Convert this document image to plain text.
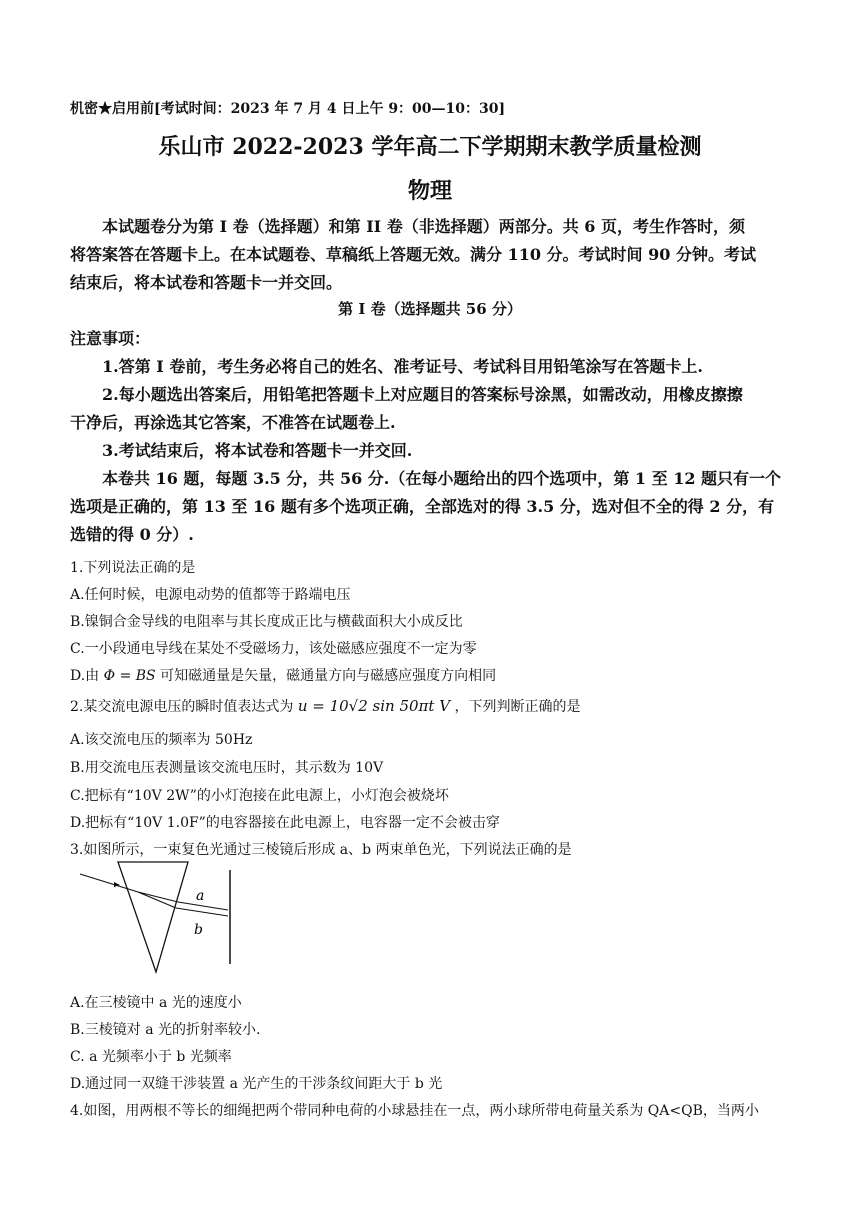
机密★启用前[考试时间：2023 年 7 月 4 日上午 9：00—10：30]
乐山市 2022-2023 学年高二下学期期末教学质量检测
物理
本试题卷分为第 I 卷（选择题）和第 II 卷（非选择题）两部分。共 6 页，考生作答时，须
将答案答在答题卡上。在本试题卷、草稿纸上答题无效。满分 110 分。考试时间 90 分钟。考试
结束后，将本试卷和答题卡一并交回。
第 I 卷（选择题共 56 分）
注意事项：
1.答第 I 卷前，考生务必将自己的姓名、准考证号、考试科目用铅笔涂写在答题卡上.
2.每小题选出答案后，用铅笔把答题卡上对应题目的答案标号涂黑，如需改动，用橡皮擦擦
干净后，再涂选其它答案，不准答在试题卷上.
3.考试结束后，将本试卷和答题卡一并交回.
本卷共 16 题，每题 3.5 分，共 56 分.（在每小题给出的四个选项中，第 1 至 12 题只有一个
选项是正确的，第 13 至 16 题有多个选项正确，全部选对的得 3.5 分，选对但不全的得 2 分，有
选错的得 0 分）.
1.下列说法正确的是
A.任何时候，电源电动势的值都等于路端电压
B.镍铜合金导线的电阻率与其长度成正比与横截面积大小成反比
C.一小段通电导线在某处不受磁场力，该处磁感应强度不一定为零
D.由 Φ = BS 可知磁通量是矢量，磁通量方向与磁感应强度方向相同
2.某交流电源电压的瞬时值表达式为 u = 10√2 sin 50πt V ，下列判断正确的是
A.该交流电压的频率为 50Hz
B.用交流电压表测量该交流电压时，其示数为 10V
C.把标有“10V 2W”的小灯泡接在此电源上，小灯泡会被烧坏
D.把标有“10V 1.0F”的电容器接在此电源上，电容器一定不会被击穿
3.如图所示，一束复色光通过三棱镜后形成 a、b 两束单色光，下列说法正确的是
a
b
A.在三棱镜中 a 光的速度小
B.三棱镜对 a 光的折射率较小.
C. a 光频率小于 b 光频率
D.通过同一双缝干涉装置 a 光产生的干涉条纹间距大于 b 光
4.如图，用两根不等长的细绳把两个带同种电荷的小球悬挂在一点，两小球所带电荷量关系为 QA<QB，当两小
